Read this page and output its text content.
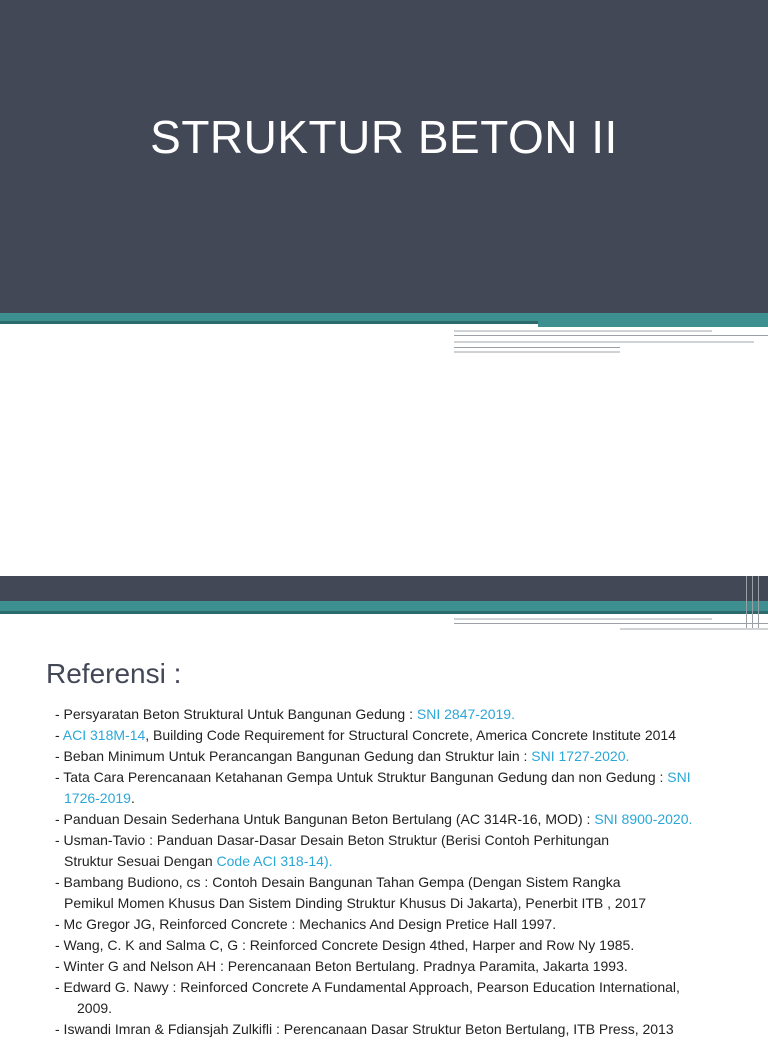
STRUKTUR BETON II
Referensi :
- Persyaratan Beton Struktural Untuk Bangunan Gedung : SNI 2847-2019.
- ACI 318M-14, Building Code Requirement for Structural Concrete, America Concrete Institute 2014
- Beban Minimum Untuk Perancangan Bangunan Gedung dan Struktur lain : SNI 1727-2020.
- Tata Cara Perencanaan Ketahanan Gempa Untuk Struktur Bangunan Gedung dan non Gedung : SNI
1726-2019.
- Panduan Desain Sederhana Untuk Bangunan Beton Bertulang (AC 314R-16, MOD) : SNI 8900-2020.
- Usman-Tavio : Panduan Dasar-Dasar Desain Beton Struktur (Berisi Contoh Perhitungan
Struktur Sesuai Dengan Code ACI 318-14).
- Bambang Budiono, cs : Contoh Desain Bangunan Tahan Gempa (Dengan Sistem Rangka
Pemikul Momen Khusus Dan Sistem Dinding Struktur Khusus Di Jakarta), Penerbit ITB , 2017
- Mc Gregor JG, Reinforced Concrete : Mechanics And Design Pretice Hall 1997.
- Wang, C. K and Salma C, G : Reinforced Concrete Design 4thed, Harper and Row Ny 1985.
- Winter G and Nelson AH : Perencanaan Beton Bertulang. Pradnya Paramita, Jakarta 1993.
- Edward G. Nawy : Reinforced Concrete A Fundamental Approach, Pearson Education International,
2009.
- Iswandi Imran & Fdiansjah Zulkifli : Perencanaan Dasar Struktur Beton Bertulang, ITB Press, 2013
